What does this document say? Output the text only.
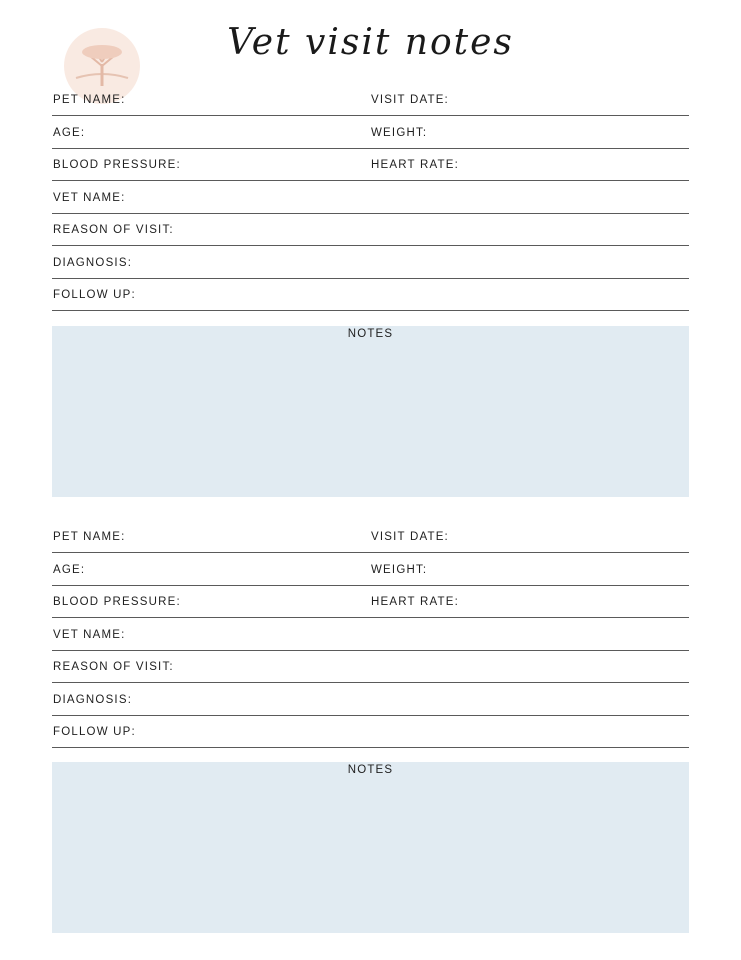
Vet visit notes
PET NAME:	VISIT DATE:
AGE:	WEIGHT:
BLOOD PRESSURE:	HEART RATE:
VET NAME:
REASON OF VISIT:
DIAGNOSIS:
FOLLOW UP:
NOTES
PET NAME:	VISIT DATE:
AGE:	WEIGHT:
BLOOD PRESSURE:	HEART RATE:
VET NAME:
REASON OF VISIT:
DIAGNOSIS:
FOLLOW UP:
NOTES
